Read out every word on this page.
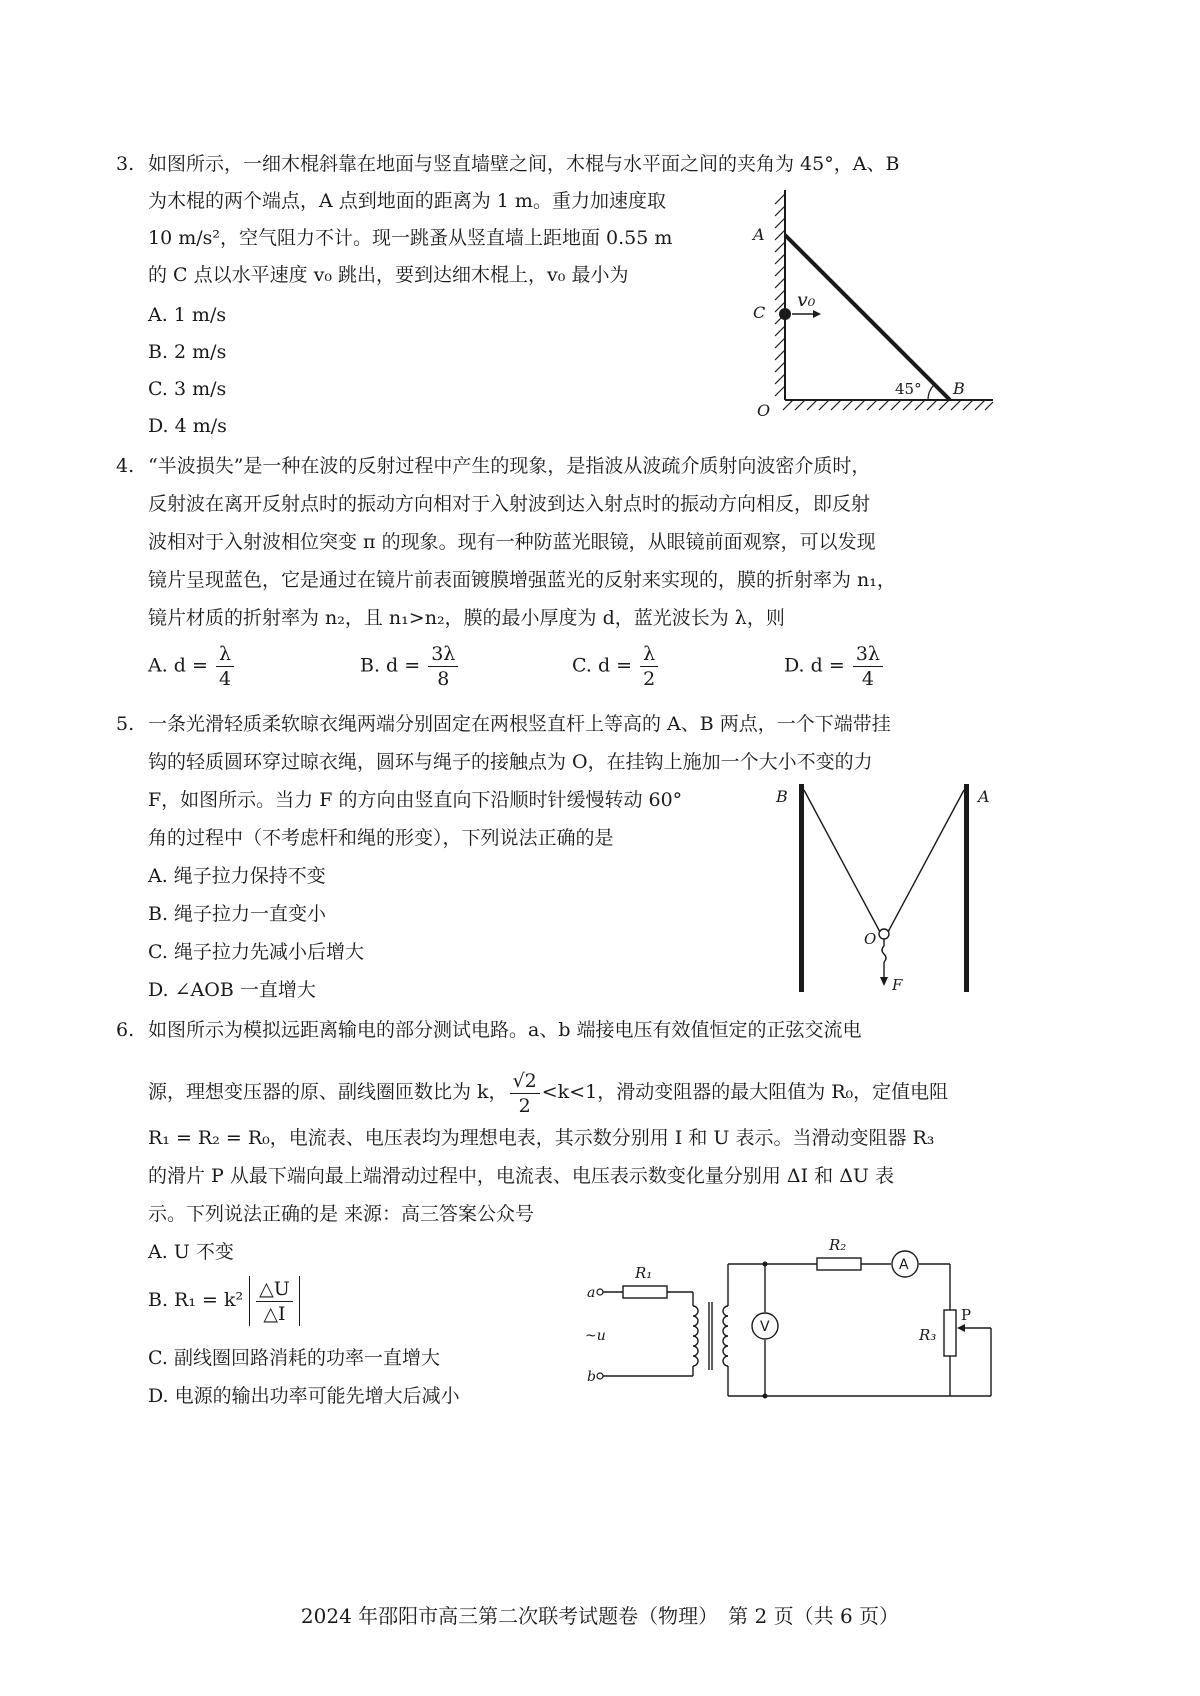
3. 如图所示，一细木棍斜靠在地面与竖直墙壁之间，木棍与水平面之间的夹角为 45°，A、B
为木棍的两个端点，A 点到地面的距离为 1 m。重力加速度取
10 m/s²，空气阻力不计。现一跳蚤从竖直墙上距地面 0.55 m
的 C 点以水平速度 v₀ 跳出，要到达细木棍上，v₀ 最小为
A. 1 m/s
B. 2 m/s
C. 3 m/s
D. 4 m/s
A
C
v₀
O
B
45°
4. “半波损失”是一种在波的反射过程中产生的现象，是指波从波疏介质射向波密介质时，
反射波在离开反射点时的振动方向相对于入射波到达入射点时的振动方向相反，即反射
波相对于入射波相位突变 π 的现象。现有一种防蓝光眼镜，从眼镜前面观察，可以发现
镜片呈现蓝色，它是通过在镜片前表面镀膜增强蓝光的反射来实现的，膜的折射率为 n₁，
镜片材质的折射率为 n₂，且 n₁>n₂，膜的最小厚度为 d，蓝光波长为 λ，则
A. $d = \frac{\lambda}{4}$	B. $d = \frac{3\lambda}{8}$	C. $d = \frac{\lambda}{2}$	D. $d = \frac{3\lambda}{4}$
5. 一条光滑轻质柔软晾衣绳两端分别固定在两根竖直杆上等高的 A、B 两点，一个下端带挂
钩的轻质圆环穿过晾衣绳，圆环与绳子的接触点为 O，在挂钩上施加一个大小不变的力
F，如图所示。当力 F 的方向由竖直向下沿顺时针缓慢转动 60°
角的过程中（不考虑杆和绳的形变），下列说法正确的是
A. 绳子拉力保持不变
B. 绳子拉力一直变小
C. 绳子拉力先减小后增大
D. ∠AOB 一直增大
B	A
O
F
6. 如图所示为模拟远距离输电的部分测试电路。a、b 端接电压有效值恒定的正弦交流电
源，理想变压器的原、副线圈匝数比为 k， $\frac{√2}{2} <k<1$，滑动变阻器的最大阻值为 R₀，定值电阻
R₁ = R₂ = R₀，电流表、电压表均为理想电表，其示数分别用 I 和 U 表示。当滑动变阻器 R₃
的滑片 P 从最下端向最上端滑动过程中，电流表、电压表示数变化量分别用 ΔI 和 ΔU 表
示。下列说法正确的是 来源：高三答案公众号
A. U 不变
B. $R_1 = k^2 \frac{\triangle U}{\triangle I}$
C. 副线圈回路消耗的功率一直增大
D. 电源的输出功率可能先增大后减小
a
b
~u
R₁
R₂
R₃
P
A
V
2024 年邵阳市高三第二次联考试题卷（物理）　第 2 页（共 6 页）
